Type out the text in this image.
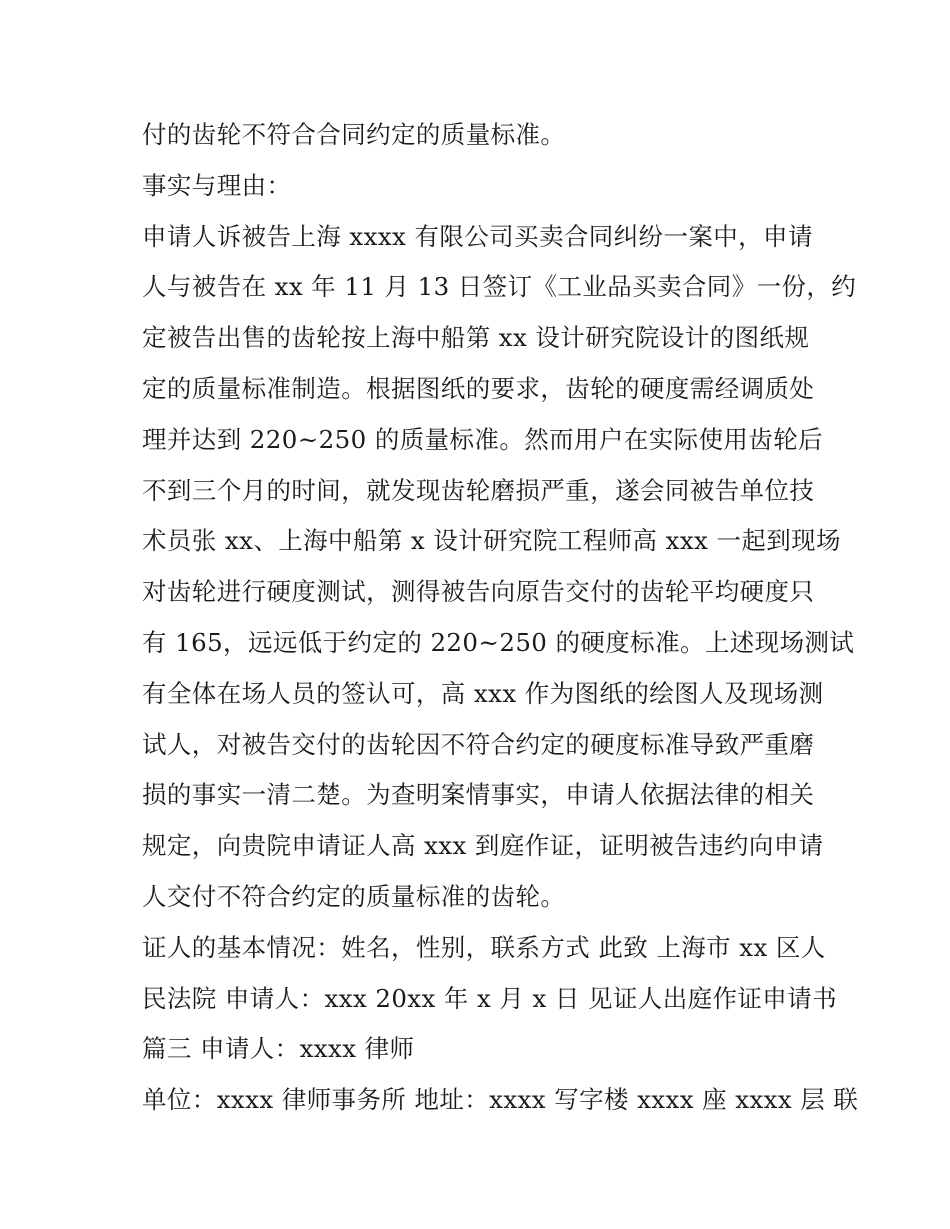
付的齿轮不符合合同约定的质量标准。
事实与理由：
申请人诉被告上海 xxxx 有限公司买卖合同纠纷一案中，申请
人与被告在 xx 年 11 月 13 日签订《工业品买卖合同》一份，约
定被告出售的齿轮按上海中船第 xx 设计研究院设计的图纸规
定的质量标准制造。根据图纸的要求，齿轮的硬度需经调质处
理并达到 220~250 的质量标准。然而用户在实际使用齿轮后
不到三个月的时间，就发现齿轮磨损严重，遂会同被告单位技
术员张 xx、上海中船第 x 设计研究院工程师高 xxx 一起到现场
对齿轮进行硬度测试，测得被告向原告交付的齿轮平均硬度只
有 165，远远低于约定的 220~250 的硬度标准。上述现场测试
有全体在场人员的签认可，高 xxx 作为图纸的绘图人及现场测
试人，对被告交付的齿轮因不符合约定的硬度标准导致严重磨
损的事实一清二楚。为查明案情事实，申请人依据法律的相关
规定，向贵院申请证人高 xxx 到庭作证，证明被告违约向申请
人交付不符合约定的质量标准的齿轮。
证人的基本情况：姓名，性别，联系方式 此致 上海市 xx 区人
民法院 申请人：xxx 20xx 年 x 月 x 日 见证人出庭作证申请书
篇三 申请人：xxxx 律师
单位：xxxx 律师事务所 地址：xxxx 写字楼 xxxx 座 xxxx 层 联
